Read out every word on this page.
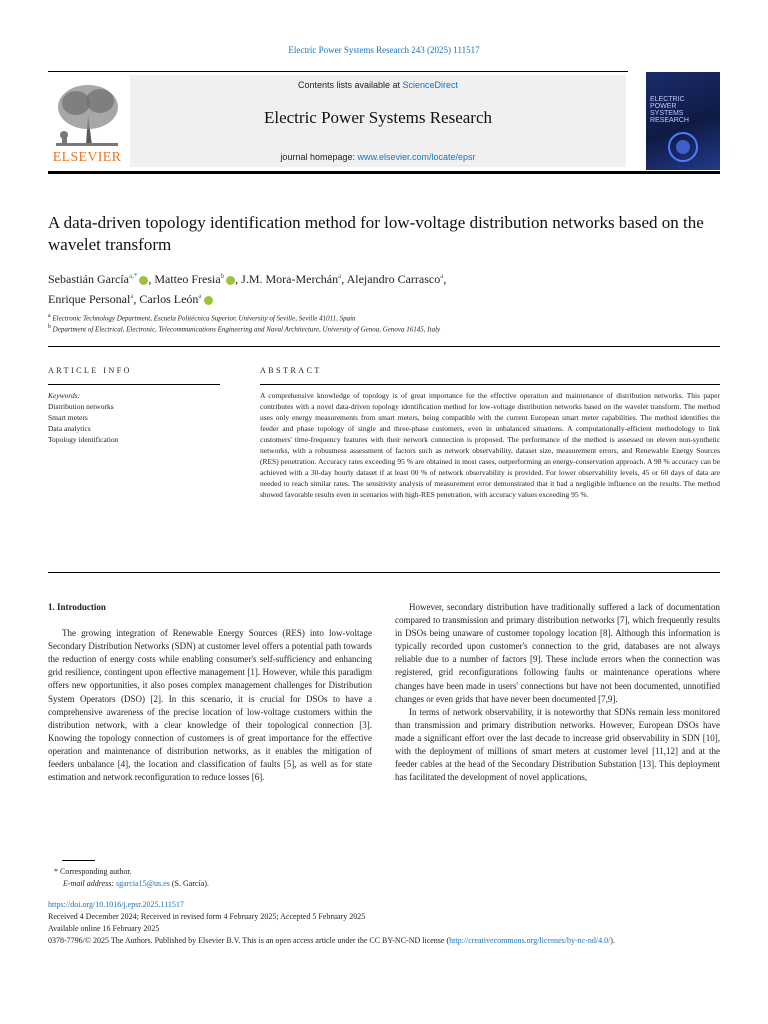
Electric Power Systems Research 243 (2025) 111517
ELSEVIER
Contents lists available at ScienceDirect
Electric Power Systems Research
journal homepage: www.elsevier.com/locate/epsr
ELECTRIC
POWER
SYSTEMS
RESEARCH
A data-driven topology identification method for low-voltage distribution networks based on the wavelet transform
Sebastián García$^{a,*}$ , Matteo Fresia$^b$ , J.M. Mora-Merchán$^a$, Alejandro Carrasco$^a$,
Enrique Personal$^a$, Carlos León$^a$
$^a$ Electronic Technology Department, Escuela Politécnica Superior, University of Seville, Seville 41011, Spain
$^b$ Department of Electrical, Electronic, Telecommunications Engineering and Naval Architecture, University of Genoa, Genova 16145, Italy
ARTICLE INFO
Keywords:
Distribution networks
Smart meters
Data analytics
Topology identification
ABSTRACT
A comprehensive knowledge of topology is of great importance for the effective operation and maintenance of distribution networks. This paper contributes with a novel data-driven topology identification method for low-voltage distribution networks based on the wavelet transform. The method uses only energy measurements from smart meters, being compatible with the current European smart meter capabilities. The method identifies the feeder and phase topology of single and three-phase customers, even in unbalanced situations. A computationally-efficient methodology to link customers' time-frequency features with their network connection is proposed. The performance of the method is assessed on eleven non-synthetic networks, with a robustness assessment of factors such as network observability, dataset size, measurement errors, and Renewable Energy Sources (RES) penetration. Accuracy rates exceeding 95 % are obtained in most cases, outperforming an energy-conservation approach. A 98 % accuracy can be achieved with a 30-day hourly dataset if at least 00 % of network observability is provided. For lower observability levels, 45 or 60 days of data are needed to reach similar rates. The sensitivity analysis of measurement error demonstrated that it had a negligible influence on the results. The method showed favorable results even in scenarios with high-RES penetration, with accuracy values exceeding 95 %.

1. Introduction

The growing integration of Renewable Energy Sources (RES) into low-voltage Secondary Distribution Networks (SDN) at customer level offers a potential path towards the reduction of energy costs while enabling consumer's self-sufficiency and enhancing grid resilience, contingent upon effective management [1]. However, while this paradigm offers new opportunities, it also poses complex management challenges for Distribution System Operators (DSO) [2]. In this scenario, it is crucial for DSOs to have a comprehensive awareness of the precise location of low-voltage customers within the distribution network, with a clear knowledge of their topological connection [3]. Knowing the topology connection of customers is of great importance for the effective operation and maintenance of distribution networks, as it enables the mitigation of feeders unbalance [4], the location and classification of faults [5], as well as for state estimation and network reconfiguration to reduce losses [6].

However, secondary distribution have traditionally suffered a lack of documentation compared to transmission and primary distribution networks [7], which frequently results in DSOs being unaware of customer topology location [8]. Although this information is typically recorded upon customer's connection to the grid, databases are not always reliable due to a number of factors [9]. These include errors when the connection was registered, grid reconfigurations following faults or maintenance operations where changes have been made in users' connections but have not been documented, unnotified changes or even grids that have never been documented [7,9].

In terms of network observability, it is noteworthy that SDNs remain less monitored than transmission and primary distribution networks. However, European DSOs have made a significant effort over the last decade to increase grid observability in SDN [10], with the deployment of millions of smart meters at customer level [11,12] and at the feeder cables at the head of the Secondary Distribution Substation [13]. This deployment has facilitated the development of novel applications,

* Corresponding author.
E-mail address: sgarcia15@us.es (S. García).
https://doi.org/10.1016/j.epsr.2025.111517
Received 4 December 2024; Received in revised form 4 February 2025; Accepted 5 February 2025
Available online 16 February 2025
0378-7796/© 2025 The Authors. Published by Elsevier B.V. This is an open access article under the CC BY-NC-ND license (http://creativecommons.org/licenses/by-nc-nd/4.0/).
